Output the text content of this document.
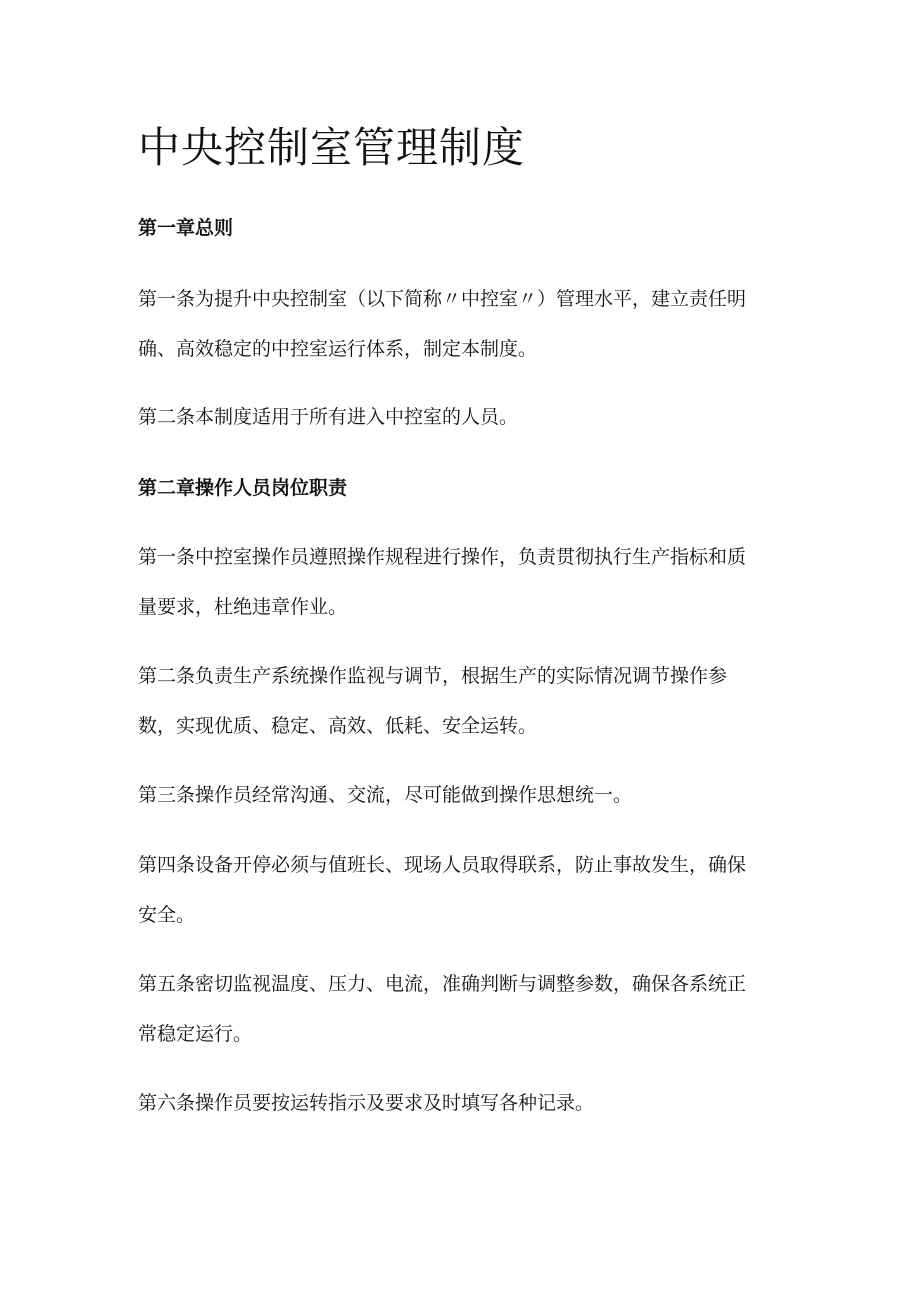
中央控制室管理制度
第一章总则

第一条为提升中央控制室（以下简称〃中控室〃）管理水平，建立责任明
确、高效稳定的中控室运行体系，制定本制度。

第二条本制度适用于所有进入中控室的人员。

第二章操作人员岗位职责

第一条中控室操作员遵照操作规程进行操作，负责贯彻执行生产指标和质
量要求，杜绝违章作业。

第二条负责生产系统操作监视与调节，根据生产的实际情况调节操作参
数，实现优质、稳定、高效、低耗、安全运转。

第三条操作员经常沟通、交流，尽可能做到操作思想统一。

第四条设备开停必须与值班长、现场人员取得联系，防止事故发生，确保
安全。

第五条密切监视温度、压力、电流，准确判断与调整参数，确保各系统正
常稳定运行。

第六条操作员要按运转指示及要求及时填写各种记录。
